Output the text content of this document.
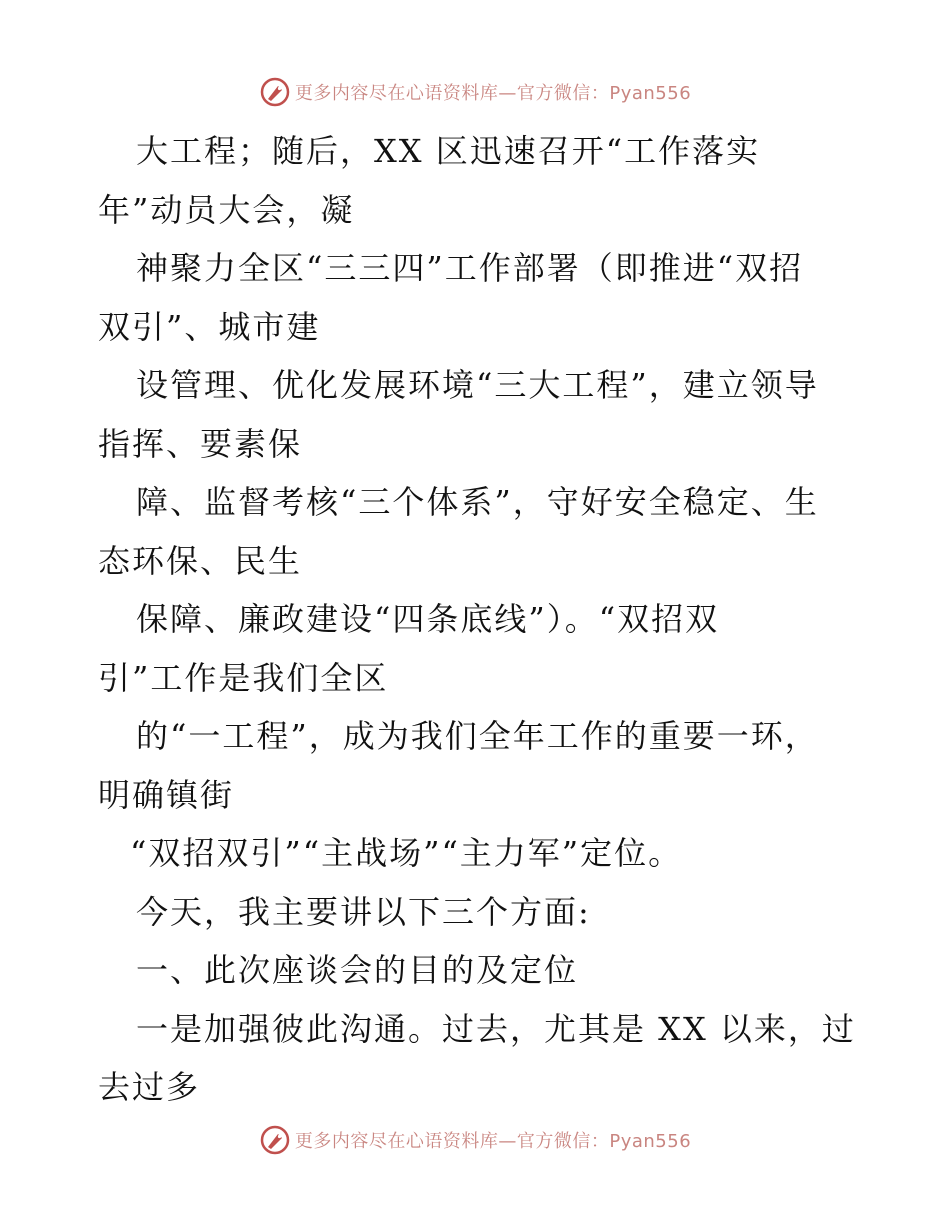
更多内容尽在心语资料库—官方微信：Pyan556
大工程；随后，XX 区迅速召开“工作落实
年”动员大会，凝
神聚力全区“三三四”工作部署（即推进“双招
双引”、城市建
设管理、优化发展环境“三大工程”，建立领导
指挥、要素保
障、监督考核“三个体系”，守好安全稳定、生
态环保、民生
保障、廉政建设“四条底线”）。“双招双
引”工作是我们全区
的“一工程”，成为我们全年工作的重要一环，
明确镇街
“双招双引”“主战场”“主力军”定位。
今天，我主要讲以下三个方面:
一、此次座谈会的目的及定位
一是加强彼此沟通。过去，尤其是 XX 以来，过
去过多
更多内容尽在心语资料库—官方微信：Pyan556
